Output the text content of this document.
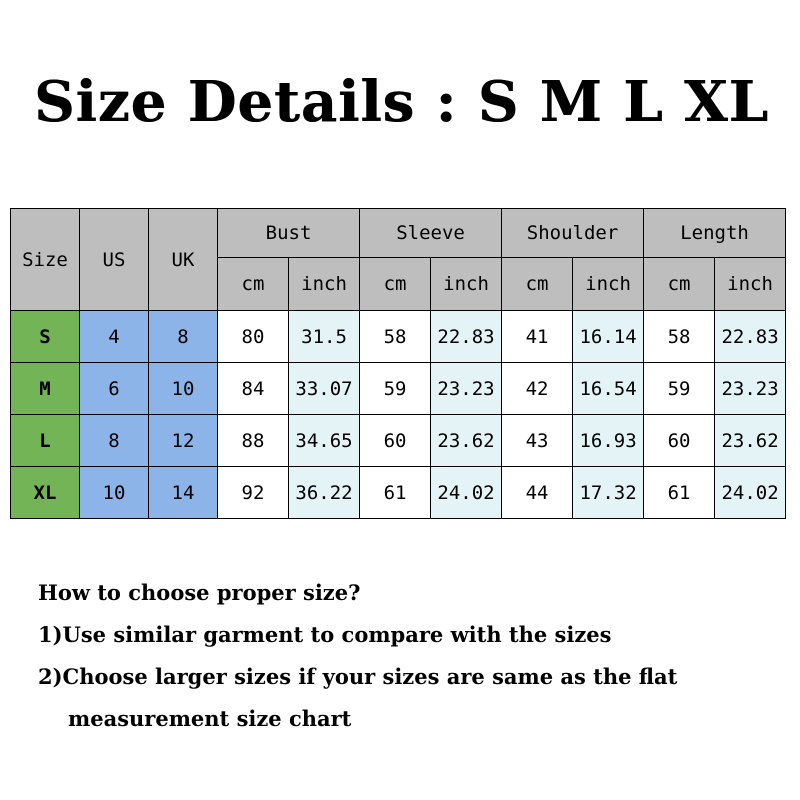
Size Details : S M L XL
Size	US	UK	Bust		Sleeve		Shoulder		Length	
			cm	inch	cm	inch	cm	inch	cm	inch
S	4	8	80	31.5	58	22.83	41	16.14	58	22.83
M	6	10	84	33.07	59	23.23	42	16.54	59	23.23
L	8	12	88	34.65	60	23.62	43	16.93	60	23.62
XL	10	14	92	36.22	61	24.02	44	17.32	61	24.02
How to choose proper size?
1)Use similar garment to compare with the sizes
2)Choose larger sizes if your sizes are same as the flat
measurement size chart
